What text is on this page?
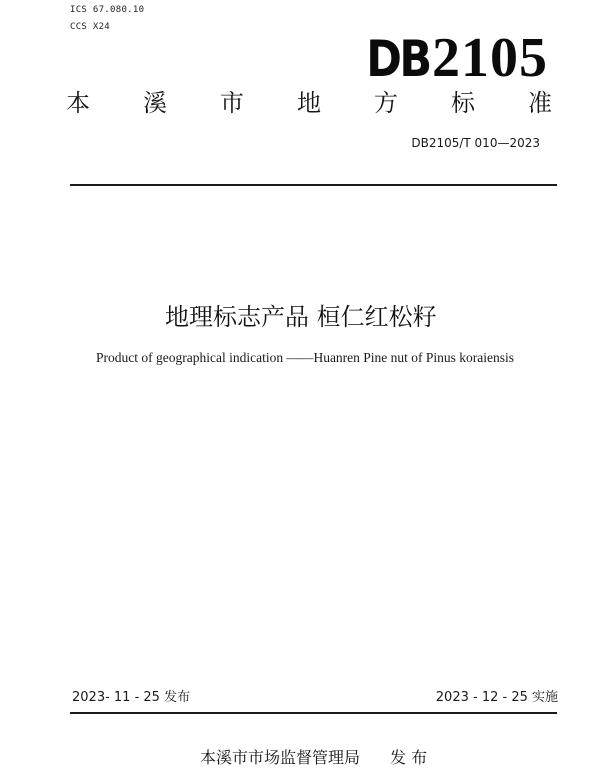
ICS 67.080.10
CCS X24
DB 2105
本 溪 市 地 方 标 准
DB2105/T 010—2023
地理标志产品 桓仁红松籽
Product of geographical indication ——Huanren Pine nut of Pinus koraiensis
2023- 11 - 25 发布	2023 - 12 - 25 实施
本溪市市场监督管理局 发 布
